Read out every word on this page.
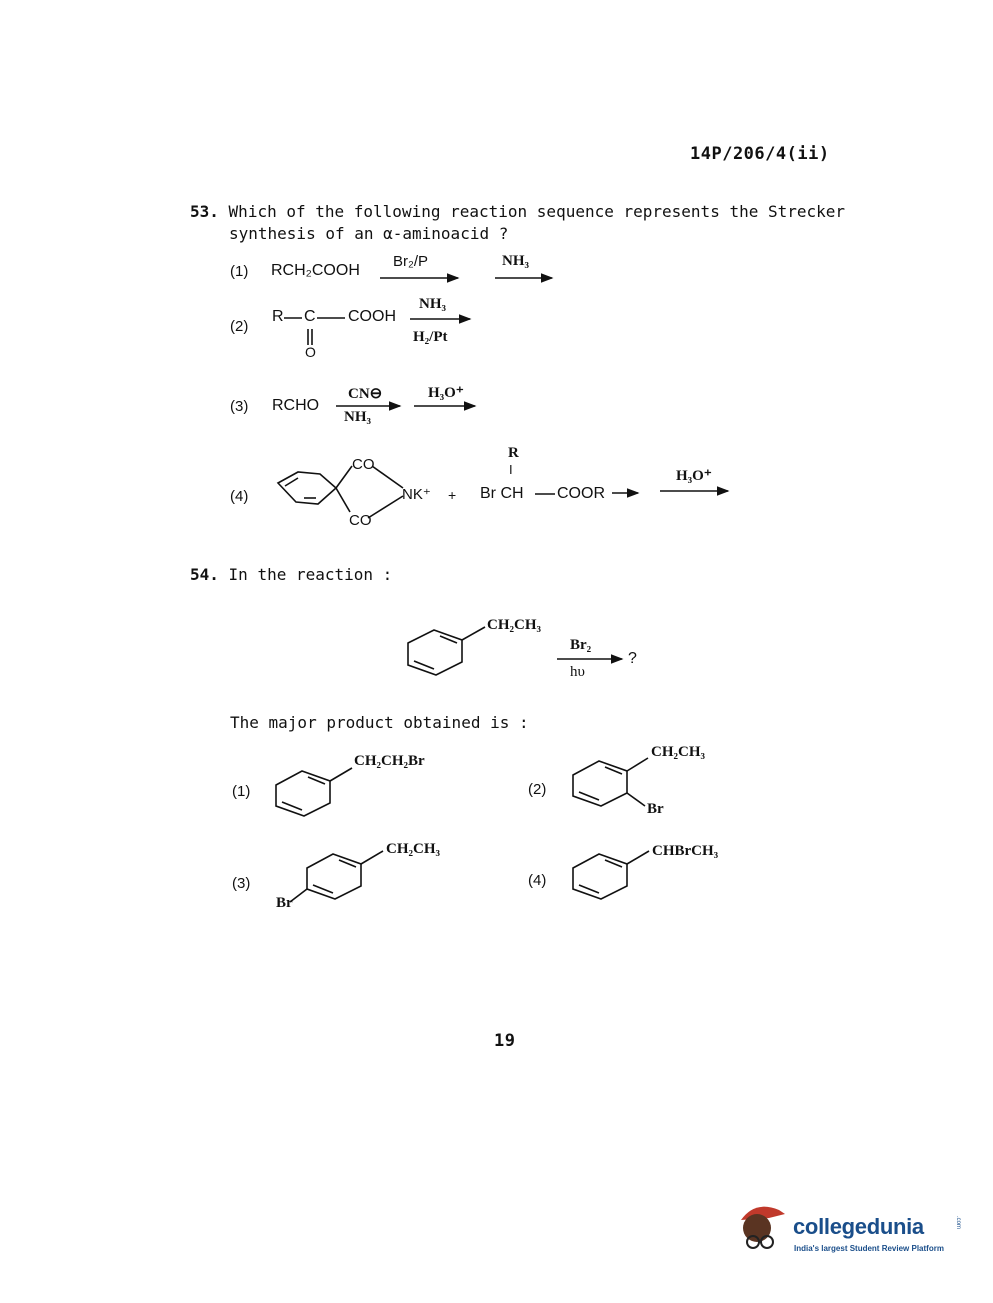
14P/206/4(ii)
53. Which of the following reaction sequence represents the Strecker
synthesis of an α-aminoacid ?
(1) RCH₂COOH
Br₂/P	NH₃
(2)
R C COOH
O
NH₃
H₂/Pt
(3) RCHO
CN⊖
NH₃
H₃O⁺
(4)
CO
CO
NK⁺ +
R
I
Br CH COOR
H₃O⁺
54. In the reaction :
CH₂CH₃
Br₂
hυ
?
The major product obtained is :
(1)
CH₂CH₂Br
(2)
CH₂CH₃
Br
(3)
CH₂CH₃
Br
(4)
CHBrCH₃
19
collegedunia	.com
India's largest Student Review Platform
